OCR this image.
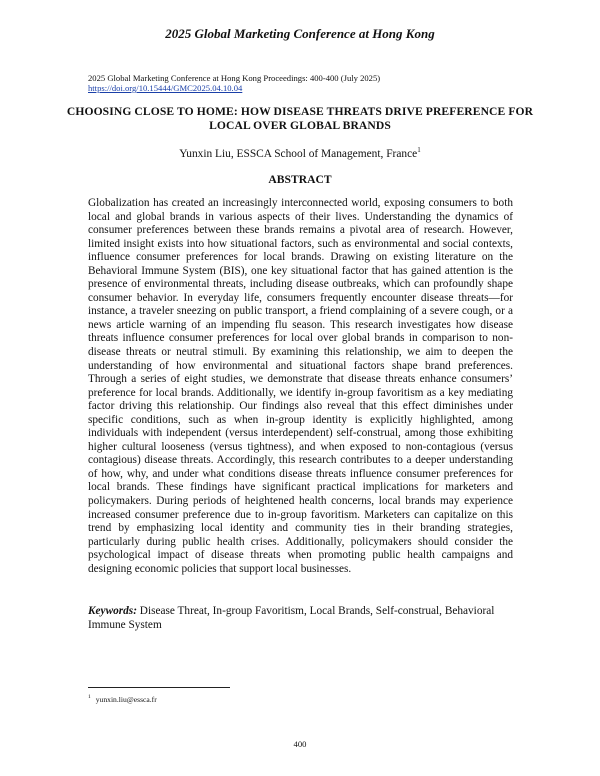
2025 Global Marketing Conference at Hong Kong
2025 Global Marketing Conference at Hong Kong Proceedings: 400-400 (July 2025)
https://doi.org/10.15444/GMC2025.04.10.04
CHOOSING CLOSE TO HOME: HOW DISEASE THREATS DRIVE PREFERENCE FOR LOCAL OVER GLOBAL BRANDS
Yunxin Liu, ESSCA School of Management, France$^1$
ABSTRACT
Globalization has created an increasingly interconnected world, exposing consumers to both local and global brands in various aspects of their lives. Understanding the dynamics of consumer preferences between these brands remains a pivotal area of research. However, limited insight exists into how situational factors, such as environmental and social contexts, influence consumer preferences for local brands. Drawing on existing literature on the Behavioral Immune System (BIS), one key situational factor that has gained attention is the presence of environmental threats, including disease outbreaks, which can profoundly shape consumer behavior. In everyday life, consumers frequently encounter disease threats—for instance, a traveler sneezing on public transport, a friend complaining of a severe cough, or a news article warning of an impending flu season. This research investigates how disease threats influence consumer preferences for local over global brands in comparison to non-disease threats or neutral stimuli. By examining this relationship, we aim to deepen the understanding of how environmental and situational factors shape brand preferences. Through a series of eight studies, we demonstrate that disease threats enhance consumers’ preference for local brands. Additionally, we identify in-group favoritism as a key mediating factor driving this relationship. Our findings also reveal that this effect diminishes under specific conditions, such as when in-group identity is explicitly highlighted, among individuals with independent (versus interdependent) self-construal, among those exhibiting higher cultural looseness (versus tightness), and when exposed to non-contagious (versus contagious) disease threats. Accordingly, this research contributes to a deeper understanding of how, why, and under what conditions disease threats influence consumer preferences for local brands. These findings have significant practical implications for marketers and policymakers. During periods of heightened health concerns, local brands may experience increased consumer preference due to in-group favoritism. Marketers can capitalize on this trend by emphasizing local identity and community ties in their branding strategies, particularly during public health crises. Additionally, policymakers should consider the psychological impact of disease threats when promoting public health campaigns and designing economic policies that support local businesses.
Keywords: Disease Threat, In-group Favoritism, Local Brands, Self-construal, Behavioral Immune System
$^1$ yunxin.liu@essca.fr
400
